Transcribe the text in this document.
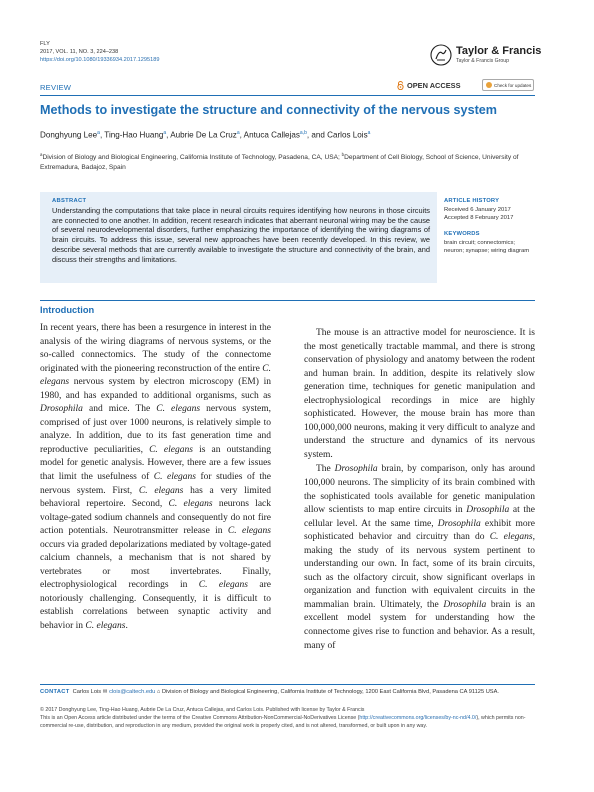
FLY
2017, VOL. 11, NO. 3, 224–238
https://doi.org/10.1080/19336934.2017.1295189
Taylor & Francis
Taylor & Francis Group
REVIEW	OPEN ACCESS	Check for updates
Methods to investigate the structure and connectivity of the nervous system
Donghyung Lee$^a$, Ting-Hao Huang$^a$, Aubrie De La Cruz$^a$, Antuca Callejas$^{a,b}$, and Carlos Lois$^a$
$^a$Division of Biology and Biological Engineering, California Institute of Technology, Pasadena, CA, USA; $^b$Department of Cell Biology, School of Science, University of Extremadura, Badajoz, Spain
ABSTRACT
Understanding the computations that take place in neural circuits requires identifying how neurons in those circuits are connected to one another. In addition, recent research indicates that aberrant neuronal wiring may be the cause of several neurodevelopmental disorders, further emphasizing the importance of identifying the wiring diagrams of brain circuits. To address this issue, several new approaches have been recently developed. In this review, we describe several methods that are currently available to investigate the structure and connectivity of the brain, and discuss their strengths and limitations.
ARTICLE HISTORY
Received 6 January 2017
Accepted 8 February 2017
KEYWORDS
brain circuit; connectomics; neuron; synapse; wiring diagram
Introduction

In recent years, there has been a resurgence in interest in the analysis of the wiring diagrams of nervous systems, or the so-called connectomics. The study of the connectome originated with the pioneering reconstruction of the entire C. elegans nervous system by electron microscopy (EM) in 1980, and has expanded to additional organisms, such as Drosophila and mice. The C. elegans nervous system, comprised of just over 1000 neurons, is relatively simple to analyze. In addition, due to its fast generation time and reproductive peculiarities, C. elegans is an outstanding model for genetic analysis. However, there are a few issues that limit the usefulness of C. elegans for studies of the nervous system. First, C. elegans has a very limited behavioral repertoire. Second, C. elegans neurons lack voltage-gated sodium channels and consequently do not fire action potentials. Neurotransmitter release in C. elegans occurs via graded depolarizations mediated by voltage-gated calcium channels, a mechanism that is not shared by vertebrates or most invertebrates. Finally, electrophysiological recordings in C. elegans are notoriously challenging. Consequently, it is difficult to establish correlations between synaptic activity and behavior in C. elegans.

The mouse is an attractive model for neuroscience. It is the most genetically tractable mammal, and there is strong conservation of physiology and anatomy between the rodent and human brain. In addition, despite its relatively slow generation time, techniques for genetic manipulation and electrophysiological recordings in mice are highly sophisticated. However, the mouse brain has more than 100,000,000 neurons, making it very difficult to analyze and understand the structure and dynamics of its nervous system.

The Drosophila brain, by comparison, only has around 100,000 neurons. The simplicity of its brain combined with the sophisticated tools available for genetic manipulation allow scientists to map entire circuits in Drosophila at the cellular level. At the same time, Drosophila exhibit more sophisticated behavior and circuitry than do C. elegans, making the study of its nervous system pertinent to understanding our own. In fact, some of its brain circuits, such as the olfactory circuit, show significant overlaps in organization and function with equivalent circuits in the mammalian brain. Ultimately, the Drosophila brain is an excellent model system for understanding how the connectome gives rise to function and behavior. As a result, many of

CONTACT Carlos Lois ✉ clois@caltech.edu ⌂ Division of Biology and Biological Engineering, California Institute of Technology, 1200 East California Blvd, Pasadena CA 91125 USA.
© 2017 Donghyung Lee, Ting-Hao Huang, Aubrie De La Cruz, Antuca Callejas, and Carlos Lois. Published with license by Taylor & Francis
This is an Open Access article distributed under the terms of the Creative Commons Attribution-NonCommercial-NoDerivatives License (http://creativecommons.org/licenses/by-nc-nd/4.0/), which permits non-commercial re-use, distribution, and reproduction in any medium, provided the original work is properly cited, and is not altered, transformed, or built upon in any way.
